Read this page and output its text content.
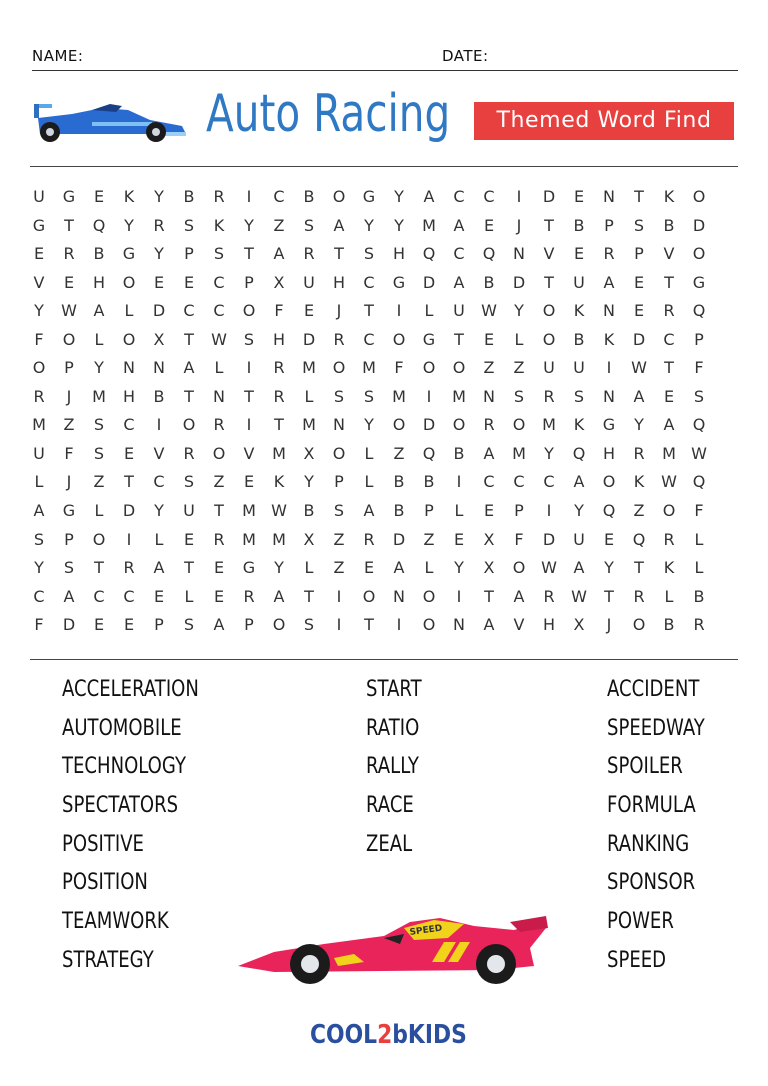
NAME:	DATE:
Auto Racing	Themed Word Find
U	G	E	K	Y	B	R	I	C	B	O	G	Y	A	C	C	I	D	E	N	T	K	O
G	T	Q	Y	R	S	K	Y	Z	S	A	Y	Y	M	A	E	J	T	B	P	S	B	D
E	R	B	G	Y	P	S	T	A	R	T	S	H	Q	C	Q	N	V	E	R	P	V	O
V	E	H	O	E	E	C	P	X	U	H	C	G	D	A	B	D	T	U	A	E	T	G
Y	W	A	L	D	C	C	O	F	E	J	T	I	L	U	W	Y	O	K	N	E	R	Q
F	O	L	O	X	T	W	S	H	D	R	C	O	G	T	E	L	O	B	K	D	C	P
O	P	Y	N	N	A	L	I	R	M	O	M	F	O	O	Z	Z	U	U	I	W	T	F
R	J	M	H	B	T	N	T	R	L	S	S	M	I	M	N	S	R	S	N	A	E	S
M	Z	S	C	I	O	R	I	T	M	N	Y	O	D	O	R	O	M	K	G	Y	A	Q
U	F	S	E	V	R	O	V	M	X	O	L	Z	Q	B	A	M	Y	Q	H	R	M W
L	J	Z	T	C	S	Z	E	K	Y	P	L	B	B	I	C	C	C	A	O	K	W Q
A	G	L	D	Y	U	T	M W	B	S	A	B	P	L	E	P	I	Y	Q	Z	O	F
S	P	O	I	L	E	R	M	M	X	Z	R	D	Z	E	X	F	D	U	E	Q	R	L
Y	S	T	R	A	T	E	G	Y	L	Z	E	A	L	Y	X	O W	A	Y	T	K	L
C	A	C	C	E	L	E	R	A	T	I	O	N	O	I	T	A	R	W	T	R	L	B
F	D	E	E	P	S	A	P	O	S	I	T	I	O	N	A	V	H	X	J	O	B	R
ACCELERATION
AUTOMOBILE
TECHNOLOGY
SPECTATORS
POSITIVE
POSITION
TEAMWORK
STRATEGY
START
RATIO
RALLY
RACE
ZEAL
ACCIDENT
SPEEDWAY
SPOILER
FORMULA
RANKING
SPONSOR
POWER
SPEED
SPEED
COOL2bKIDS
